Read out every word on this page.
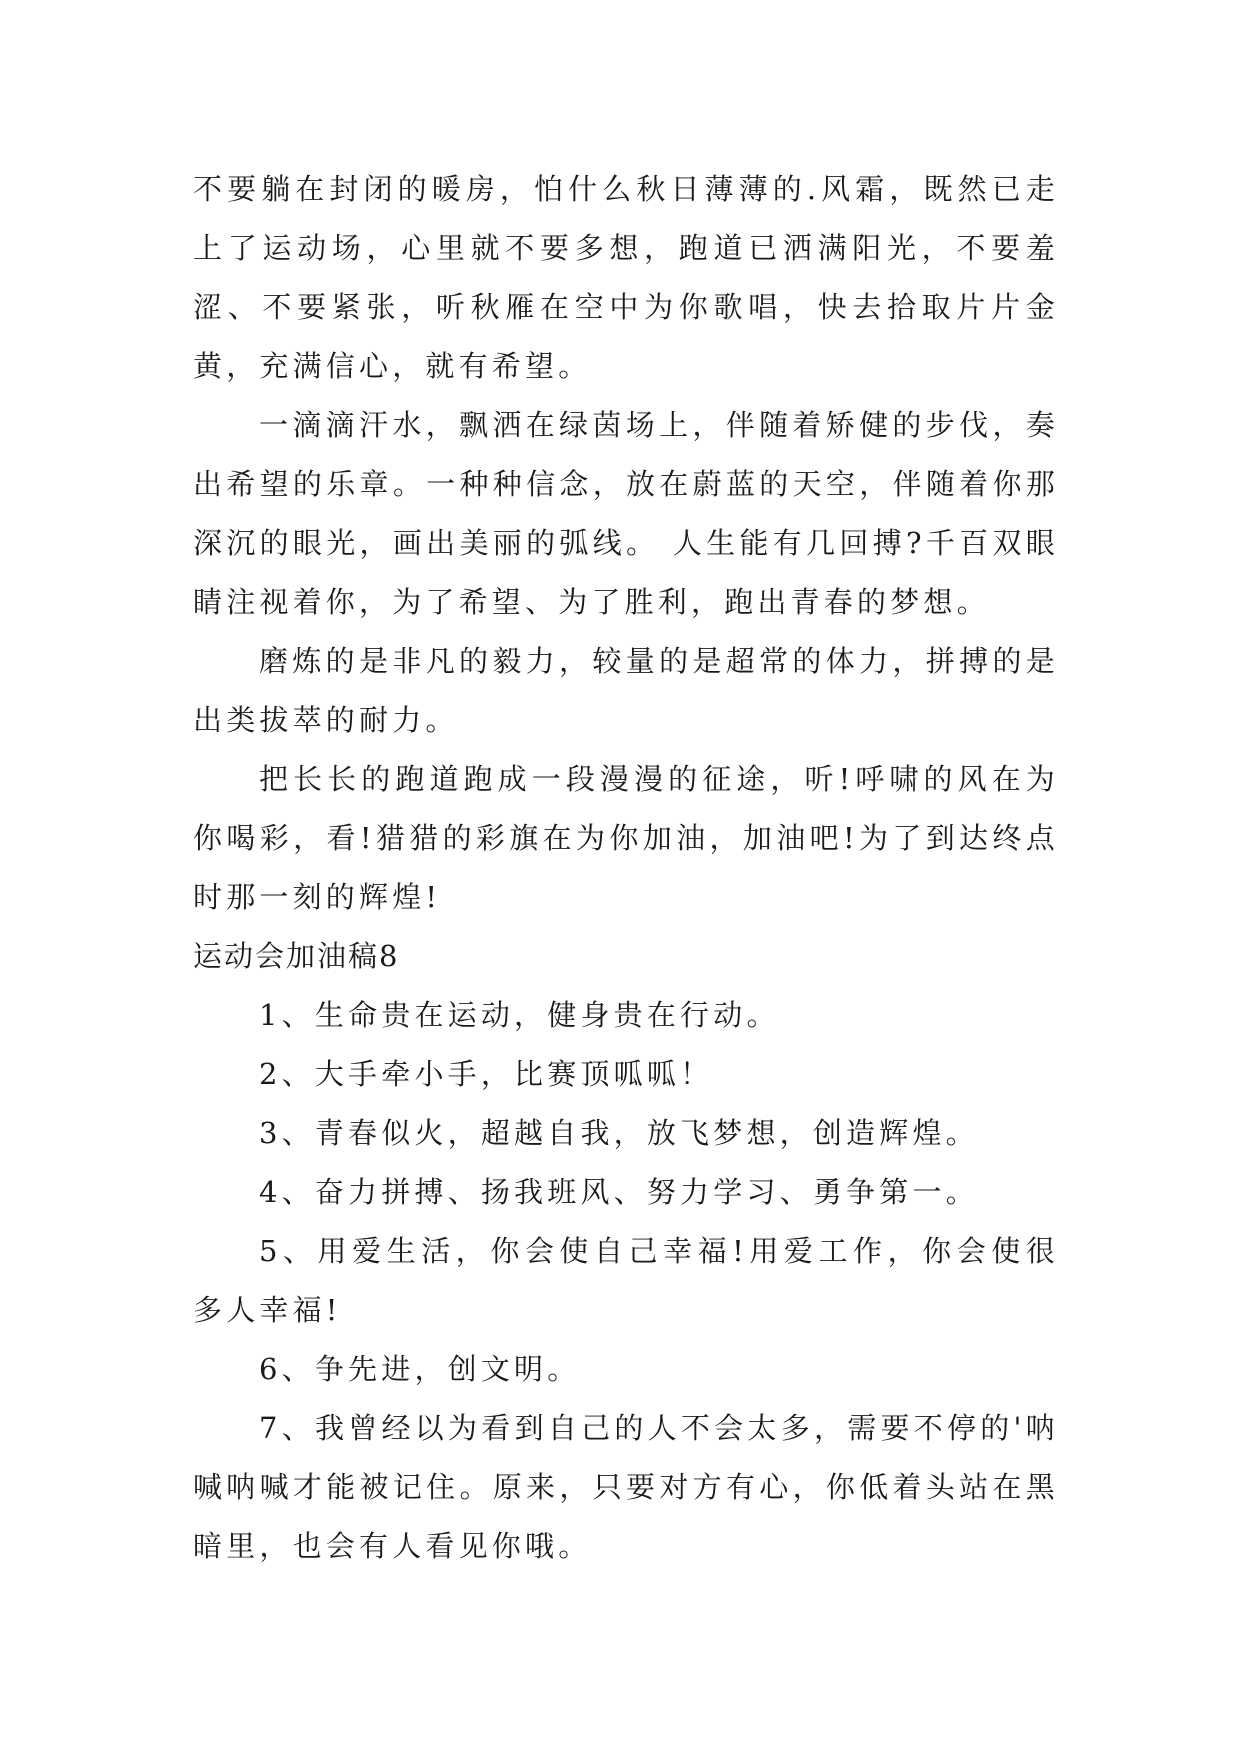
不要躺在封闭的暖房，怕什么秋日薄薄的.风霜，既然已走上了运动场，心里就不要多想，跑道已洒满阳光，不要羞涩、不要紧张，听秋雁在空中为你歌唱，快去拾取片片金黄，充满信心，就有希望。

一滴滴汗水，飘洒在绿茵场上，伴随着矫健的步伐，奏出希望的乐章。一种种信念，放在蔚蓝的天空，伴随着你那深沉的眼光，画出美丽的弧线。 人生能有几回搏?千百双眼睛注视着你，为了希望、为了胜利，跑出青春的梦想。

磨炼的是非凡的毅力，较量的是超常的体力，拼搏的是出类拔萃的耐力。

把长长的跑道跑成一段漫漫的征途，听!呼啸的风在为你喝彩，看!猎猎的彩旗在为你加油，加油吧!为了到达终点时那一刻的辉煌!

运动会加油稿8

1、生命贵在运动，健身贵在行动。

2、大手牵小手，比赛顶呱呱！

3、青春似火，超越自我，放飞梦想，创造辉煌。

4、奋力拼搏、扬我班风、努力学习、勇争第一。

5、用爱生活，你会使自己幸福!用爱工作，你会使很多人幸福!

6、争先进，创文明。

7、我曾经以为看到自己的人不会太多，需要不停的'呐喊呐喊才能被记住。原来，只要对方有心，你低着头站在黑暗里，也会有人看见你哦。
